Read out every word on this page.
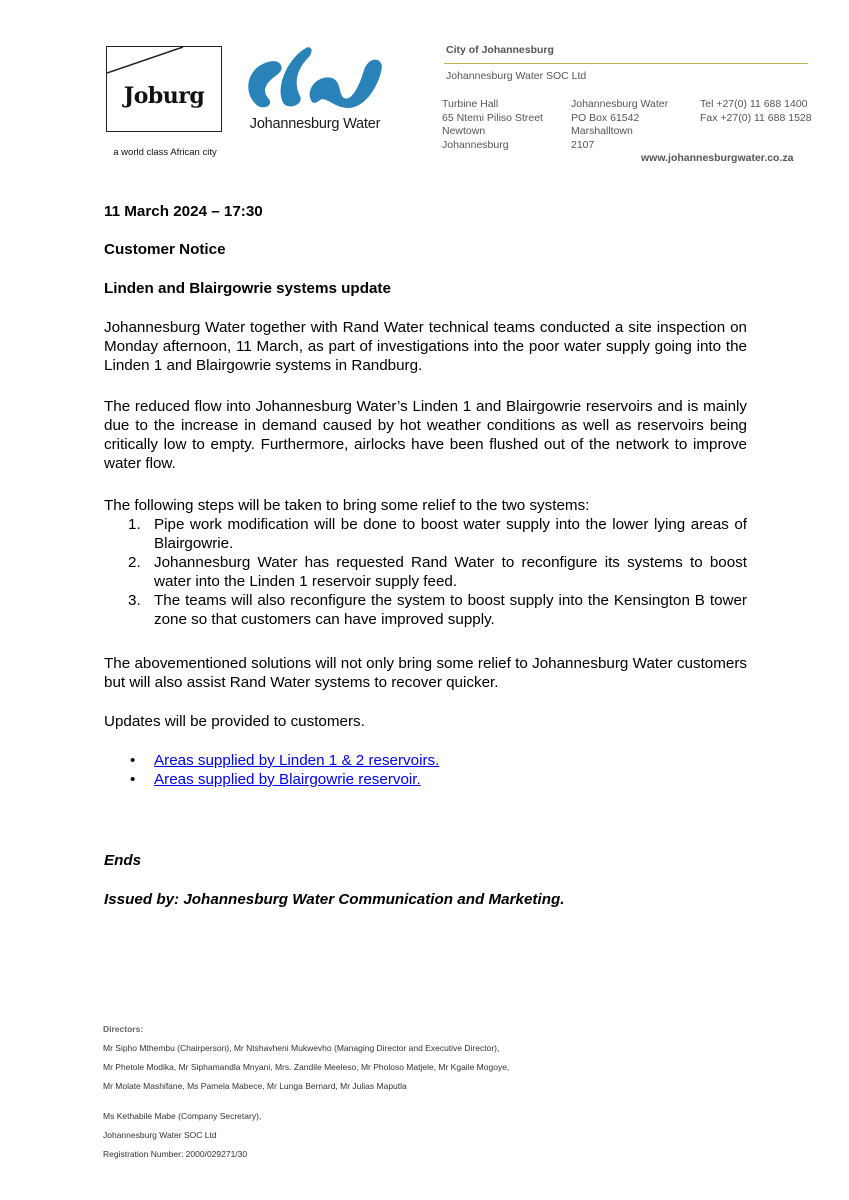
Joburg
a world class African city
Johannesburg Water
City of Johannesburg
Johannesburg Water SOC Ltd
Turbine Hall
65 Ntemi Piliso Street
Newtown
Johannesburg
Johannesburg Water
PO Box 61542
Marshalltown
2107
Tel +27(0) 11 688 1400
Fax +27(0) 11 688 1528
www.johannesburgwater.co.za
11 March 2024 – 17:30
Customer Notice
Linden and Blairgowrie systems update
Johannesburg Water together with Rand Water technical teams conducted a site inspection on Monday afternoon, 11 March, as part of investigations into the poor water supply going into the Linden 1 and Blairgowrie systems in Randburg.
The reduced flow into Johannesburg Water’s Linden 1 and Blairgowrie reservoirs and is mainly due to the increase in demand caused by hot weather conditions as well as reservoirs being critically low to empty. Furthermore, airlocks have been flushed out of the network to improve water flow.
The following steps will be taken to bring some relief to the two systems:
1. Pipe work modification will be done to boost water supply into the lower lying areas of Blairgowrie.
2. Johannesburg Water has requested Rand Water to reconfigure its systems to boost water into the Linden 1 reservoir supply feed.
3. The teams will also reconfigure the system to boost supply into the Kensington B tower zone so that customers can have improved supply.
The abovementioned solutions will not only bring some relief to Johannesburg Water customers but will also assist Rand Water systems to recover quicker.
Updates will be provided to customers.
• Areas supplied by Linden 1 & 2 reservoirs.
• Areas supplied by Blairgowrie reservoir.
Ends
Issued by: Johannesburg Water Communication and Marketing.
Directors:
Mr Sipho Mthembu (Chairperson), Mr Ntshavheni Mukwevho (Managing Director and Executive Director),
Mr Phetole Modika, Mr Siphamandla Mnyani, Mrs. Zandile Meeleso, Mr Pholoso Matjele, Mr Kgaile Mogoye,
Mr Molate Mashifane, Ms Pamela Mabece, Mr Lunga Bernard, Mr Julias Maputla
Ms Kethabile Mabe (Company Secretary),
Johannesburg Water SOC Ltd
Registration Number: 2000/029271/30
